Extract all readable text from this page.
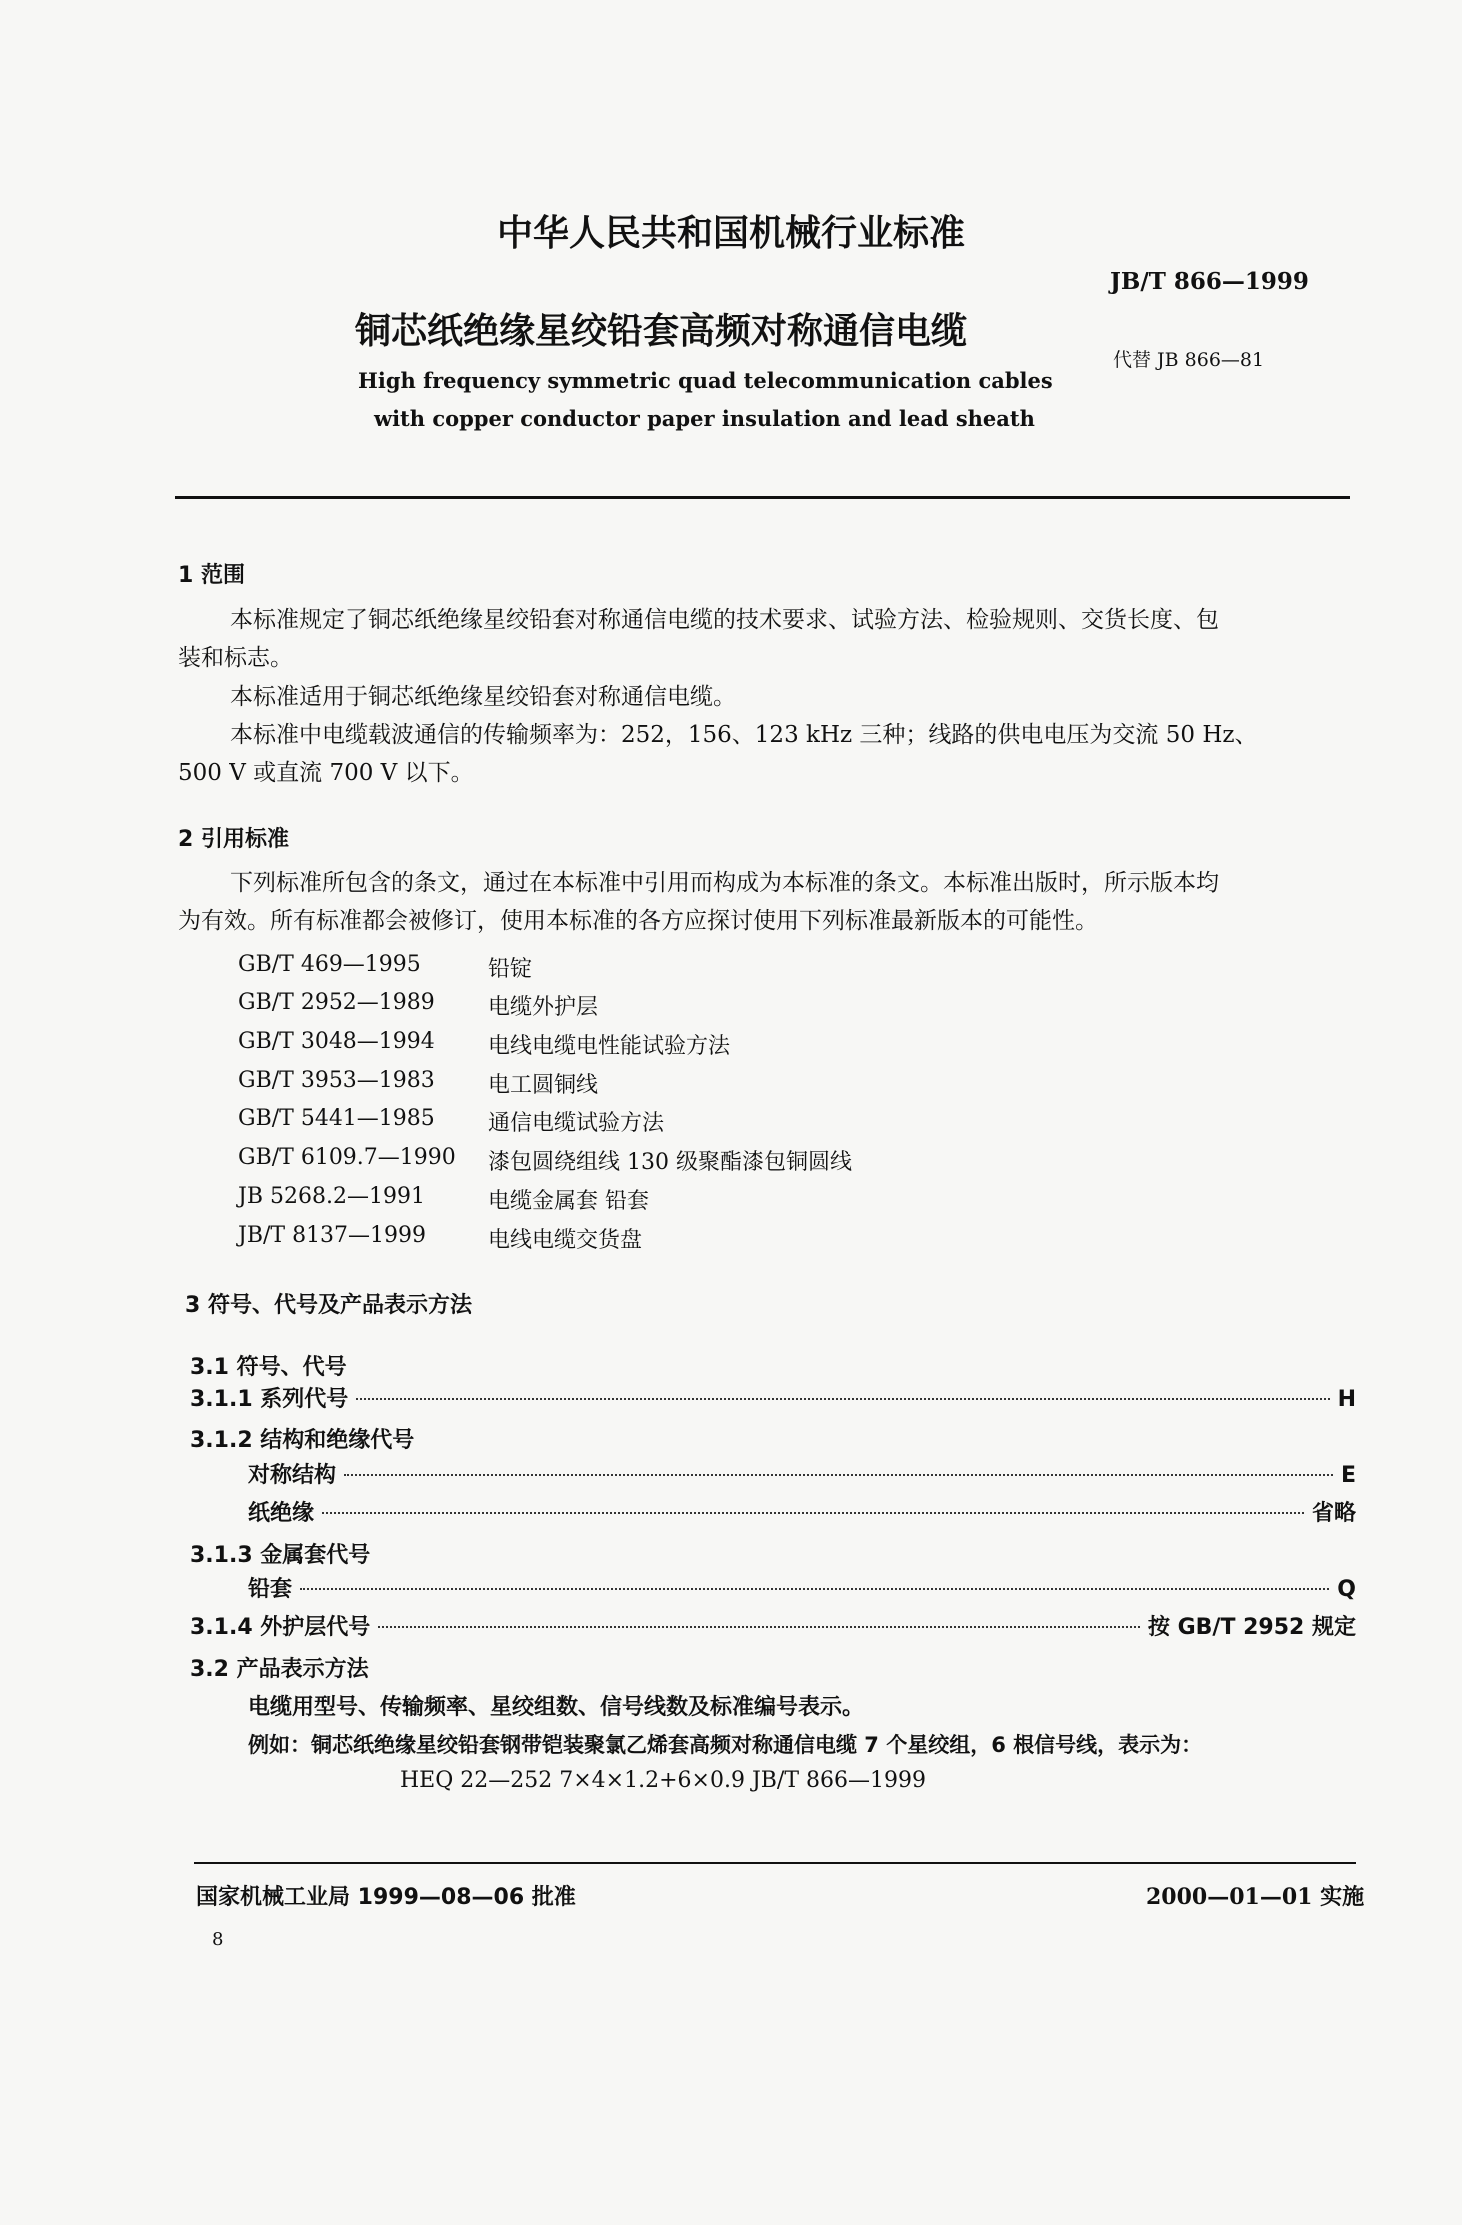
中华人民共和国机械行业标准
JB/T 866—1999
铜芯纸绝缘星绞铅套高频对称通信电缆
代替 JB 866—81
High frequency symmetric quad telecommunication cables
with copper conductor paper insulation and lead sheath
1 范围
本标准规定了铜芯纸绝缘星绞铅套对称通信电缆的技术要求、试验方法、检验规则、交货长度、包
装和标志。
本标准适用于铜芯纸绝缘星绞铅套对称通信电缆。
本标准中电缆载波通信的传输频率为：252，156、123 kHz 三种；线路的供电电压为交流 50 Hz、
500 V 或直流 700 V 以下。
2 引用标准
下列标准所包含的条文，通过在本标准中引用而构成为本标准的条文。本标准出版时，所示版本均
为有效。所有标准都会被修订，使用本标准的各方应探讨使用下列标准最新版本的可能性。
GB/T 469—1995	铅锭
GB/T 2952—1989 电缆外护层
GB/T 3048—1994 电线电缆电性能试验方法
GB/T 3953—1983 电工圆铜线
GB/T 5441—1985 通信电缆试验方法
GB/T 6109.7—1990 漆包圆绕组线 130 级聚酯漆包铜圆线
JB 5268.2—1991	电缆金属套 铅套
JB/T 8137—1999	电线电缆交货盘
3 符号、代号及产品表示方法
3.1 符号、代号
3.1.1 系列代号	H
3.1.2 结构和绝缘代号
对称结构	E
纸绝缘	省略
3.1.3 金属套代号
铅套	Q
3.1.4 外护层代号	按 GB/T 2952 规定
3.2 产品表示方法
电缆用型号、传输频率、星绞组数、信号线数及标准编号表示。
例如：铜芯纸绝缘星绞铅套钢带铠装聚氯乙烯套高频对称通信电缆 7 个星绞组，6 根信号线，表示为：
HEQ 22—252 7×4×1.2+6×0.9 JB/T 866—1999
国家机械工业局 1999—08—06 批准	2000—01—01 实施
8
